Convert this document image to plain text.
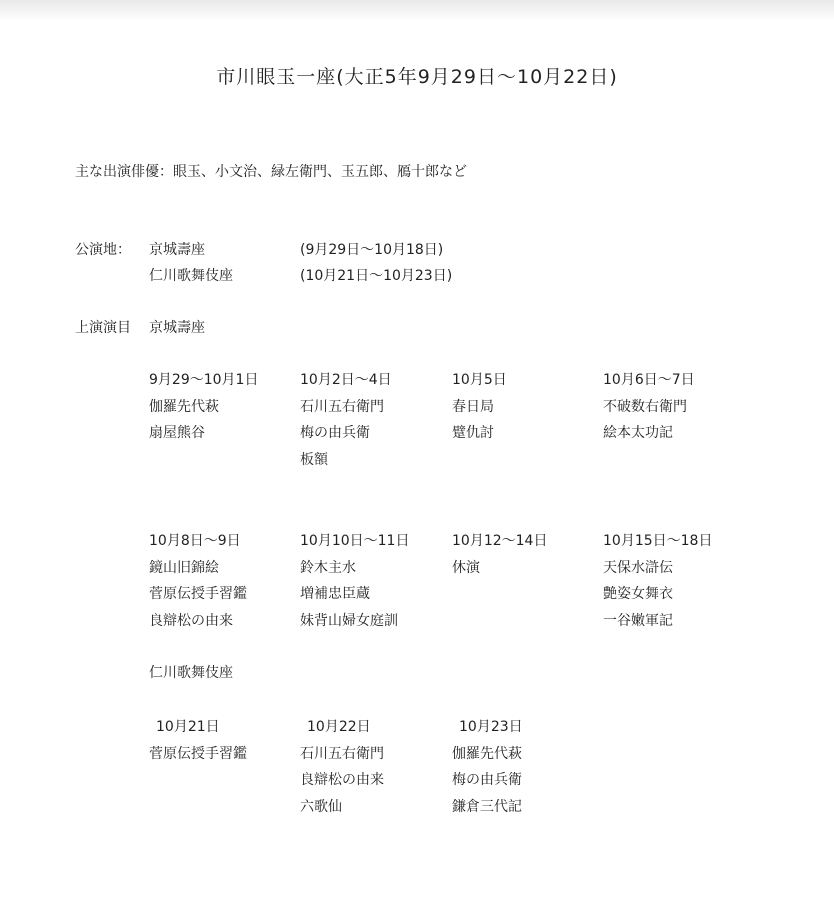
市川眼玉一座(大正5年9月29日〜10月22日)
主な出演俳優：眼玉、小文治、緑左衛門、玉五郎、鴈十郎など
公演地： 京城壽座	(9月29日〜10月18日)
仁川歌舞伎座	(10月21日〜10月23日)
上演演目 京城壽座
9月29〜10月1日
伽羅先代萩
扇屋熊谷
10月2日〜4日
石川五右衛門
梅の由兵衛
板額
10月5日
春日局
躄仇討
10月6日〜7日
不破数右衛門
絵本太功記
10月8日〜9日
鏡山旧錦絵
菅原伝授手習鑑
良辯松の由来
10月10日〜11日
鈴木主水
増補忠臣蔵
妹背山婦女庭訓
10月12〜14日
休演
10月15日〜18日
天保水滸伝
艶姿女舞衣
一谷嫩軍記
仁川歌舞伎座
10月21日
菅原伝授手習鑑
10月22日
石川五右衛門
良辯松の由来
六歌仙
10月23日
伽羅先代萩
梅の由兵衛
鎌倉三代記
